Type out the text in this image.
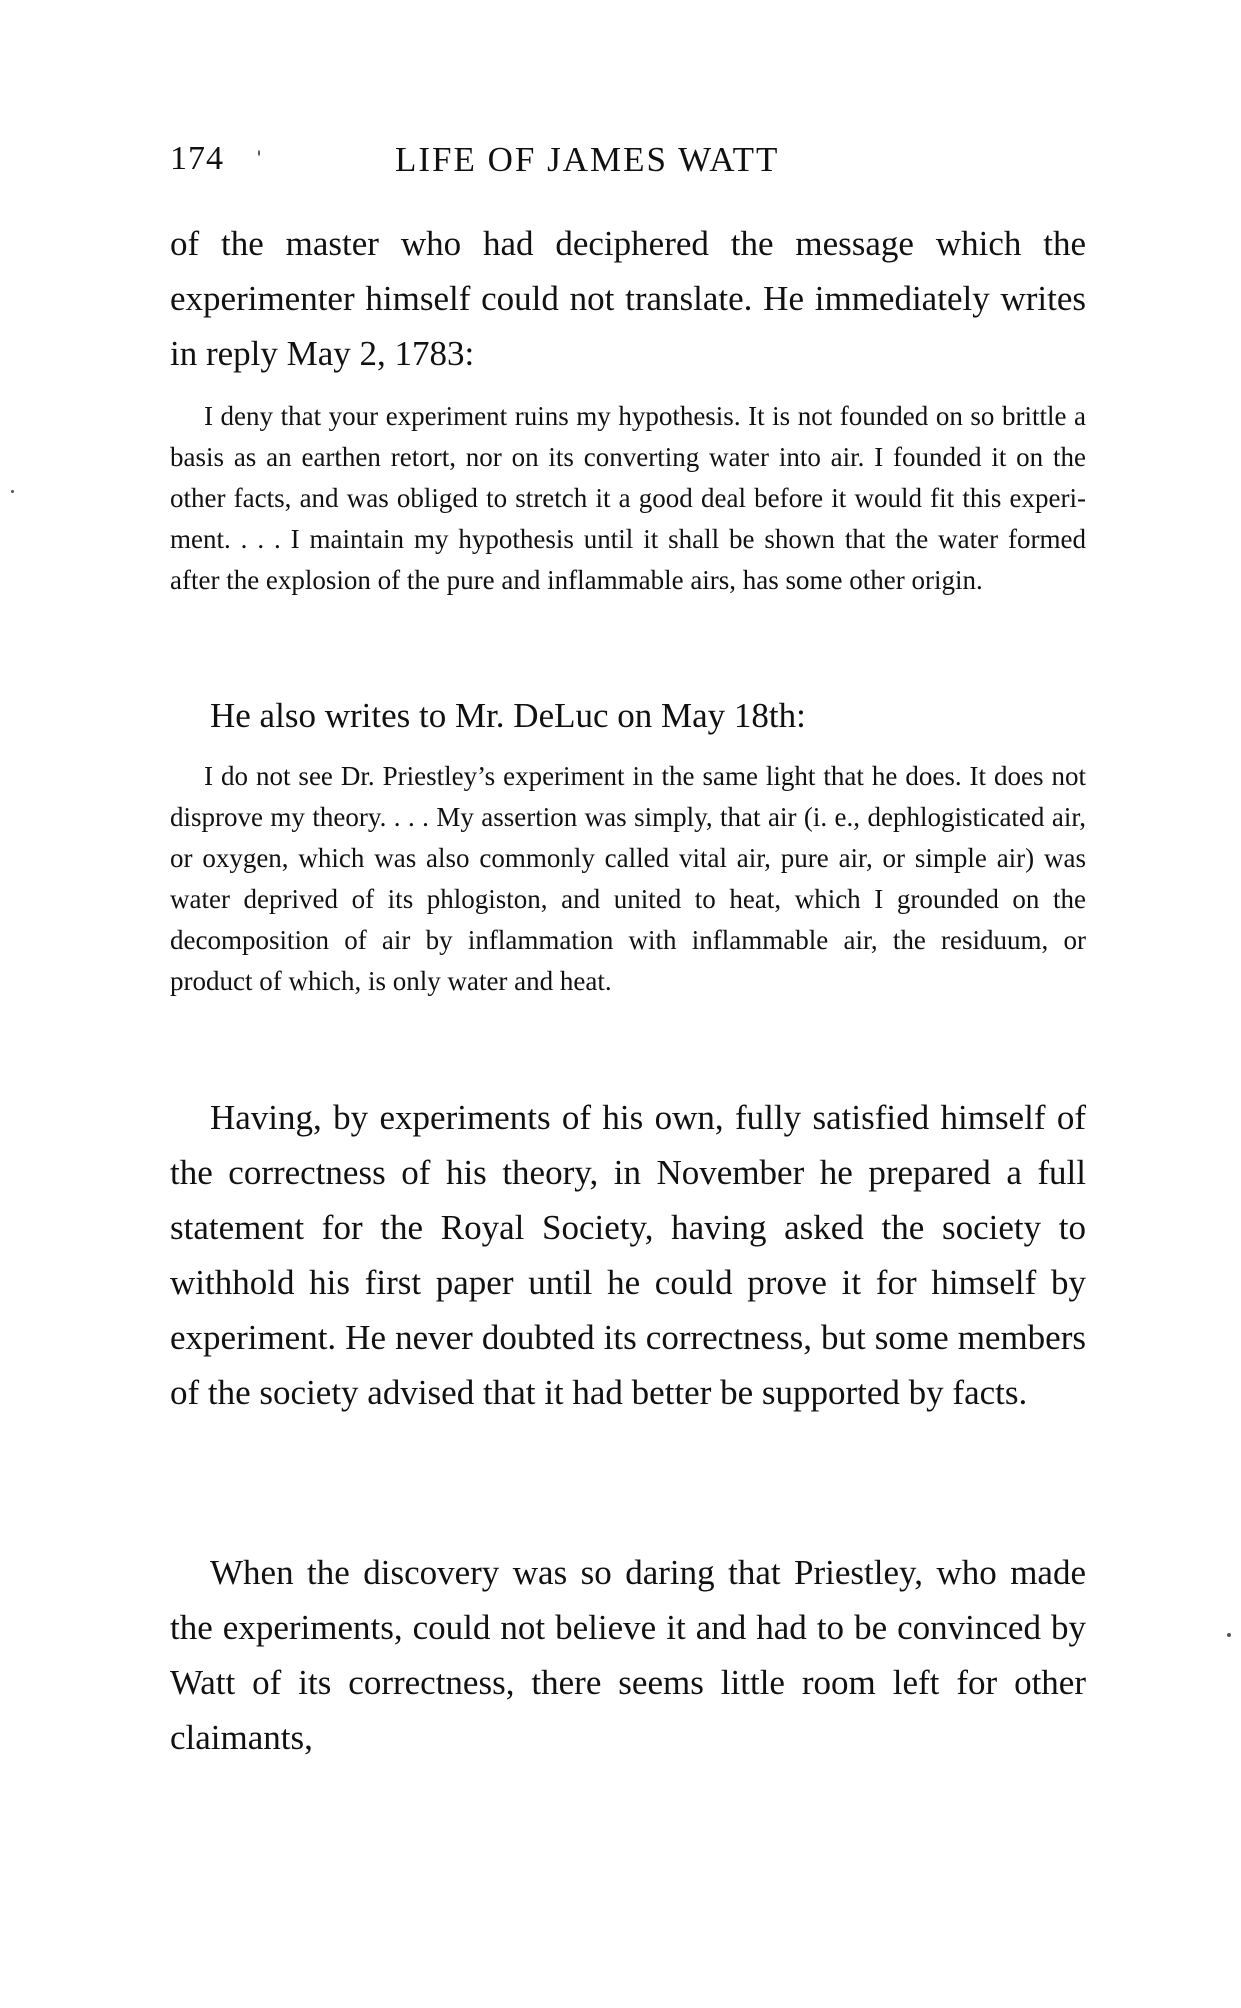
174	LIFE OF JAMES WATT
of the master who had deciphered the message which the experimenter himself could not translate. He immediately writes in reply May 2, 1783:
I deny that your experiment ruins my hypothesis. It is not founded on so brittle a basis as an earthen retort, nor on its converting water into air. I founded it on the other facts, and was obliged to stretch it a good deal before it would fit this experiment. . . . I maintain my hypothesis until it shall be shown that the water formed after the explosion of the pure and inflammable airs, has some other origin.
He also writes to Mr. DeLuc on May 18th:
I do not see Dr. Priestley’s experiment in the same light that he does. It does not disprove my theory. . . . My assertion was simply, that air (i. e., dephlogisticated air, or oxygen, which was also commonly called vital air, pure air, or simple air) was water deprived of its phlogiston, and united to heat, which I grounded on the decomposition of air by inflammation with inflammable air, the residuum, or product of which, is only water and heat.
Having, by experiments of his own, fully satisfied himself of the correctness of his theory, in November he prepared a full statement for the Royal Society, having asked the society to withhold his first paper until he could prove it for himself by experiment. He never doubted its correctness, but some members of the society advised that it had better be supported by facts.
When the discovery was so daring that Priestley, who made the experiments, could not believe it and had to be convinced by Watt of its correctness, there seems little room left for other claimants,
